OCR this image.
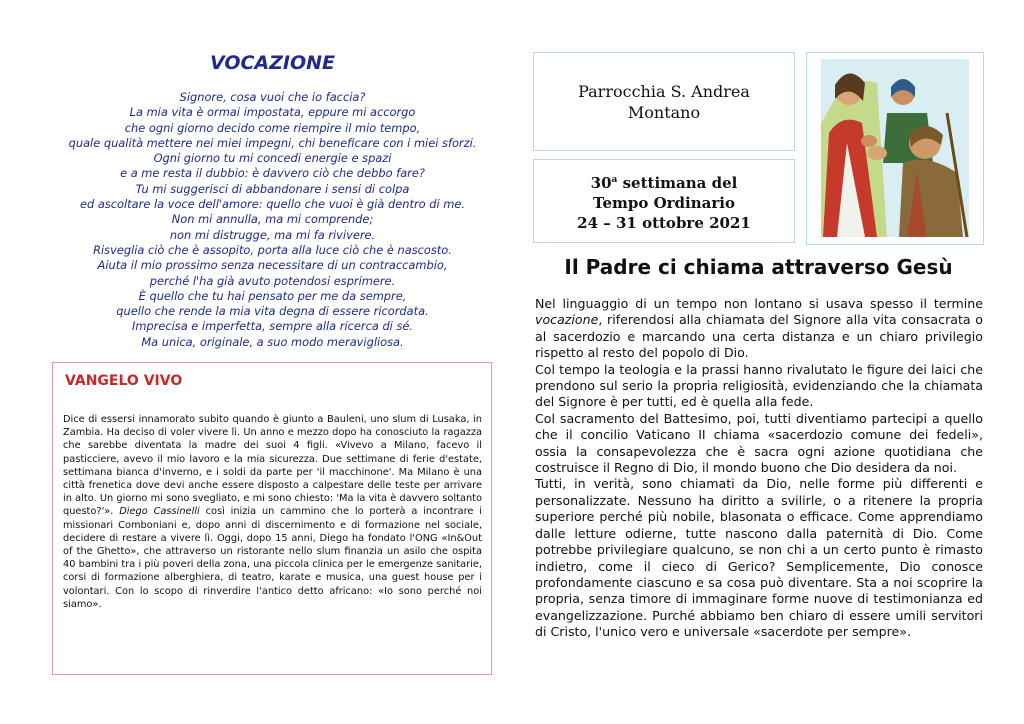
VOCAZIONE
Signore, cosa vuoi che io faccia?
La mia vita è ormai impostata, eppure mi accorgo
che ogni giorno decido come riempire il mio tempo,
quale qualità mettere nei miei impegni, chi beneficare con i miei sforzi.
Ogni giorno tu mi concedi energie e spazi
e a me resta il dubbio: è davvero ciò che debbo fare?
Tu mi suggerisci di abbandonare i sensi di colpa
ed ascoltare la voce dell'amore: quello che vuoi è già dentro di me.
Non mi annulla, ma mi comprende;
non mi distrugge, ma mi fa rivivere.
Risveglia ciò che è assopito, porta alla luce ciò che è nascosto.
Aiuta il mio prossimo senza necessitare di un contraccambio,
perché l'ha già avuto potendosi esprimere.
È quello che tu hai pensato per me da sempre,
quello che rende la mia vita degna di essere ricordata.
Imprecisa e imperfetta, sempre alla ricerca di sé.
Ma unica, originale, a suo modo meravigliosa.
VANGELO VIVO
Dice di essersi innamorato subito quando è giunto a Bauleni, uno slum di Lusaka, in Zambia. Ha deciso di voler vivere lì. Un anno e mezzo dopo ha conosciuto la ragazza che sarebbe diventata la madre dei suoi 4 figli. «Vivevo a Milano, facevo il pasticciere, avevo il mio lavoro e la mia sicurezza. Due settimane di ferie d'estate, settimana bianca d'inverno, e i soldi da parte per 'il macchinone'. Ma Milano è una città frenetica dove devi anche essere disposto a calpestare delle teste per arrivare in alto. Un giorno mi sono svegliato, e mi sono chiesto: 'Ma la vita è davvero soltanto questo?'». Diego Cassinelli così inizia un cammino che lo porterà a incontrare i missionari Comboniani e, dopo anni di discernimento e di formazione nel sociale, decidere di restare a vivere lì. Oggi, dopo 15 anni, Diego ha fondato l'ONG «In&Out of the Ghetto», che attraverso un ristorante nello slum finanzia un asilo che ospita 40 bambini tra i più poveri della zona, una piccola clinica per le emergenze sanitarie, corsi di formazione alberghiera, di teatro, karate e musica, una guest house per i volontari. Con lo scopo di rinverdire l'antico detto africano: «Io sono perché noi siamo».
Parrocchia S. Andrea
Montano
30$^a$ settimana del
Tempo Ordinario
24 – 31 ottobre 2021
Il Padre ci chiama attraverso Gesù

Nel linguaggio di un tempo non lontano si usava spesso il termine vocazione, riferendosi alla chiamata del Signore alla vita consacrata o al sacerdozio e marcando una certa distanza e un chiaro privilegio rispetto al resto del popolo di Dio.

Col tempo la teologia e la prassi hanno rivalutato le figure dei laici che prendono sul serio la propria religiosità, evidenziando che la chiamata del Signore è per tutti, ed è quella alla fede.

Col sacramento del Battesimo, poi, tutti diventiamo partecipi a quello che il concilio Vaticano II chiama «sacerdozio comune dei fedeli», ossia la consapevolezza che è sacra ogni azione quotidiana che costruisce il Regno di Dio, il mondo buono che Dio desidera da noi.

Tutti, in verità, sono chiamati da Dio, nelle forme più differenti e personalizzate. Nessuno ha diritto a svilirle, o a ritenere la propria superiore perché più nobile, blasonata o efficace. Come apprendiamo dalle letture odierne, tutte nascono dalla paternità di Dio. Come potrebbe privilegiare qualcuno, se non chi a un certo punto è rimasto indietro, come il cieco di Gerico? Semplicemente, Dio conosce profondamente ciascuno e sa cosa può diventare. Sta a noi scoprire la propria, senza timore di immaginare forme nuove di testimonianza ed evangelizzazione. Purché abbiamo ben chiaro di essere umili servitori di Cristo, l'unico vero e universale «sacerdote per sempre».
